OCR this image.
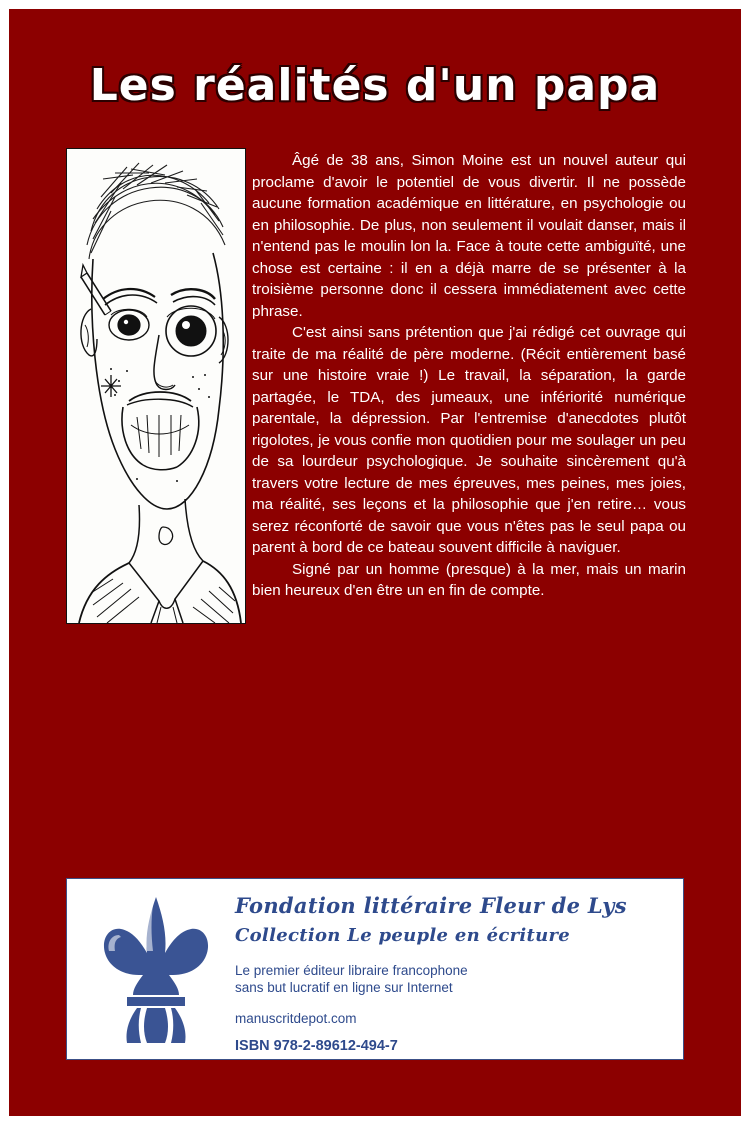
Les réalités d'un papa

Âgé de 38 ans, Simon Moine est un nouvel auteur qui proclame d'avoir le potentiel de vous divertir. Il ne possède aucune formation académique en littérature, en psychologie ou en philosophie. De plus, non seulement il voulait danser, mais il n'entend pas le moulin lon la. Face à toute cette ambiguïté, une chose est certaine : il en a déjà marre de se présenter à la troisième personne donc il cessera immédiatement avec cette phrase.

C'est ainsi sans prétention que j'ai rédigé cet ouvrage qui traite de ma réalité de père moderne. (Récit entièrement basé sur une histoire vraie !) Le travail, la séparation, la garde partagée, le TDA, des jumeaux, une infériorité numérique parentale, la dépression. Par l'entremise d'anecdotes plutôt rigolotes, je vous confie mon quotidien pour me soulager un peu de sa lourdeur psychologique. Je souhaite sincèrement qu'à travers votre lecture de mes épreuves, mes peines, mes joies, ma réalité, ses leçons et la philosophie que j'en retire… vous serez réconforté de savoir que vous n'êtes pas le seul papa ou parent à bord de ce bateau souvent difficile à naviguer.

Signé par un homme (presque) à la mer, mais un marin bien heureux d'en être un en fin de compte.

Fondation littéraire Fleur de Lys
Collection Le peuple en écriture
Le premier éditeur libraire francophone
sans but lucratif en ligne sur Internet
manuscritdepot.com
ISBN 978-2-89612-494-7
